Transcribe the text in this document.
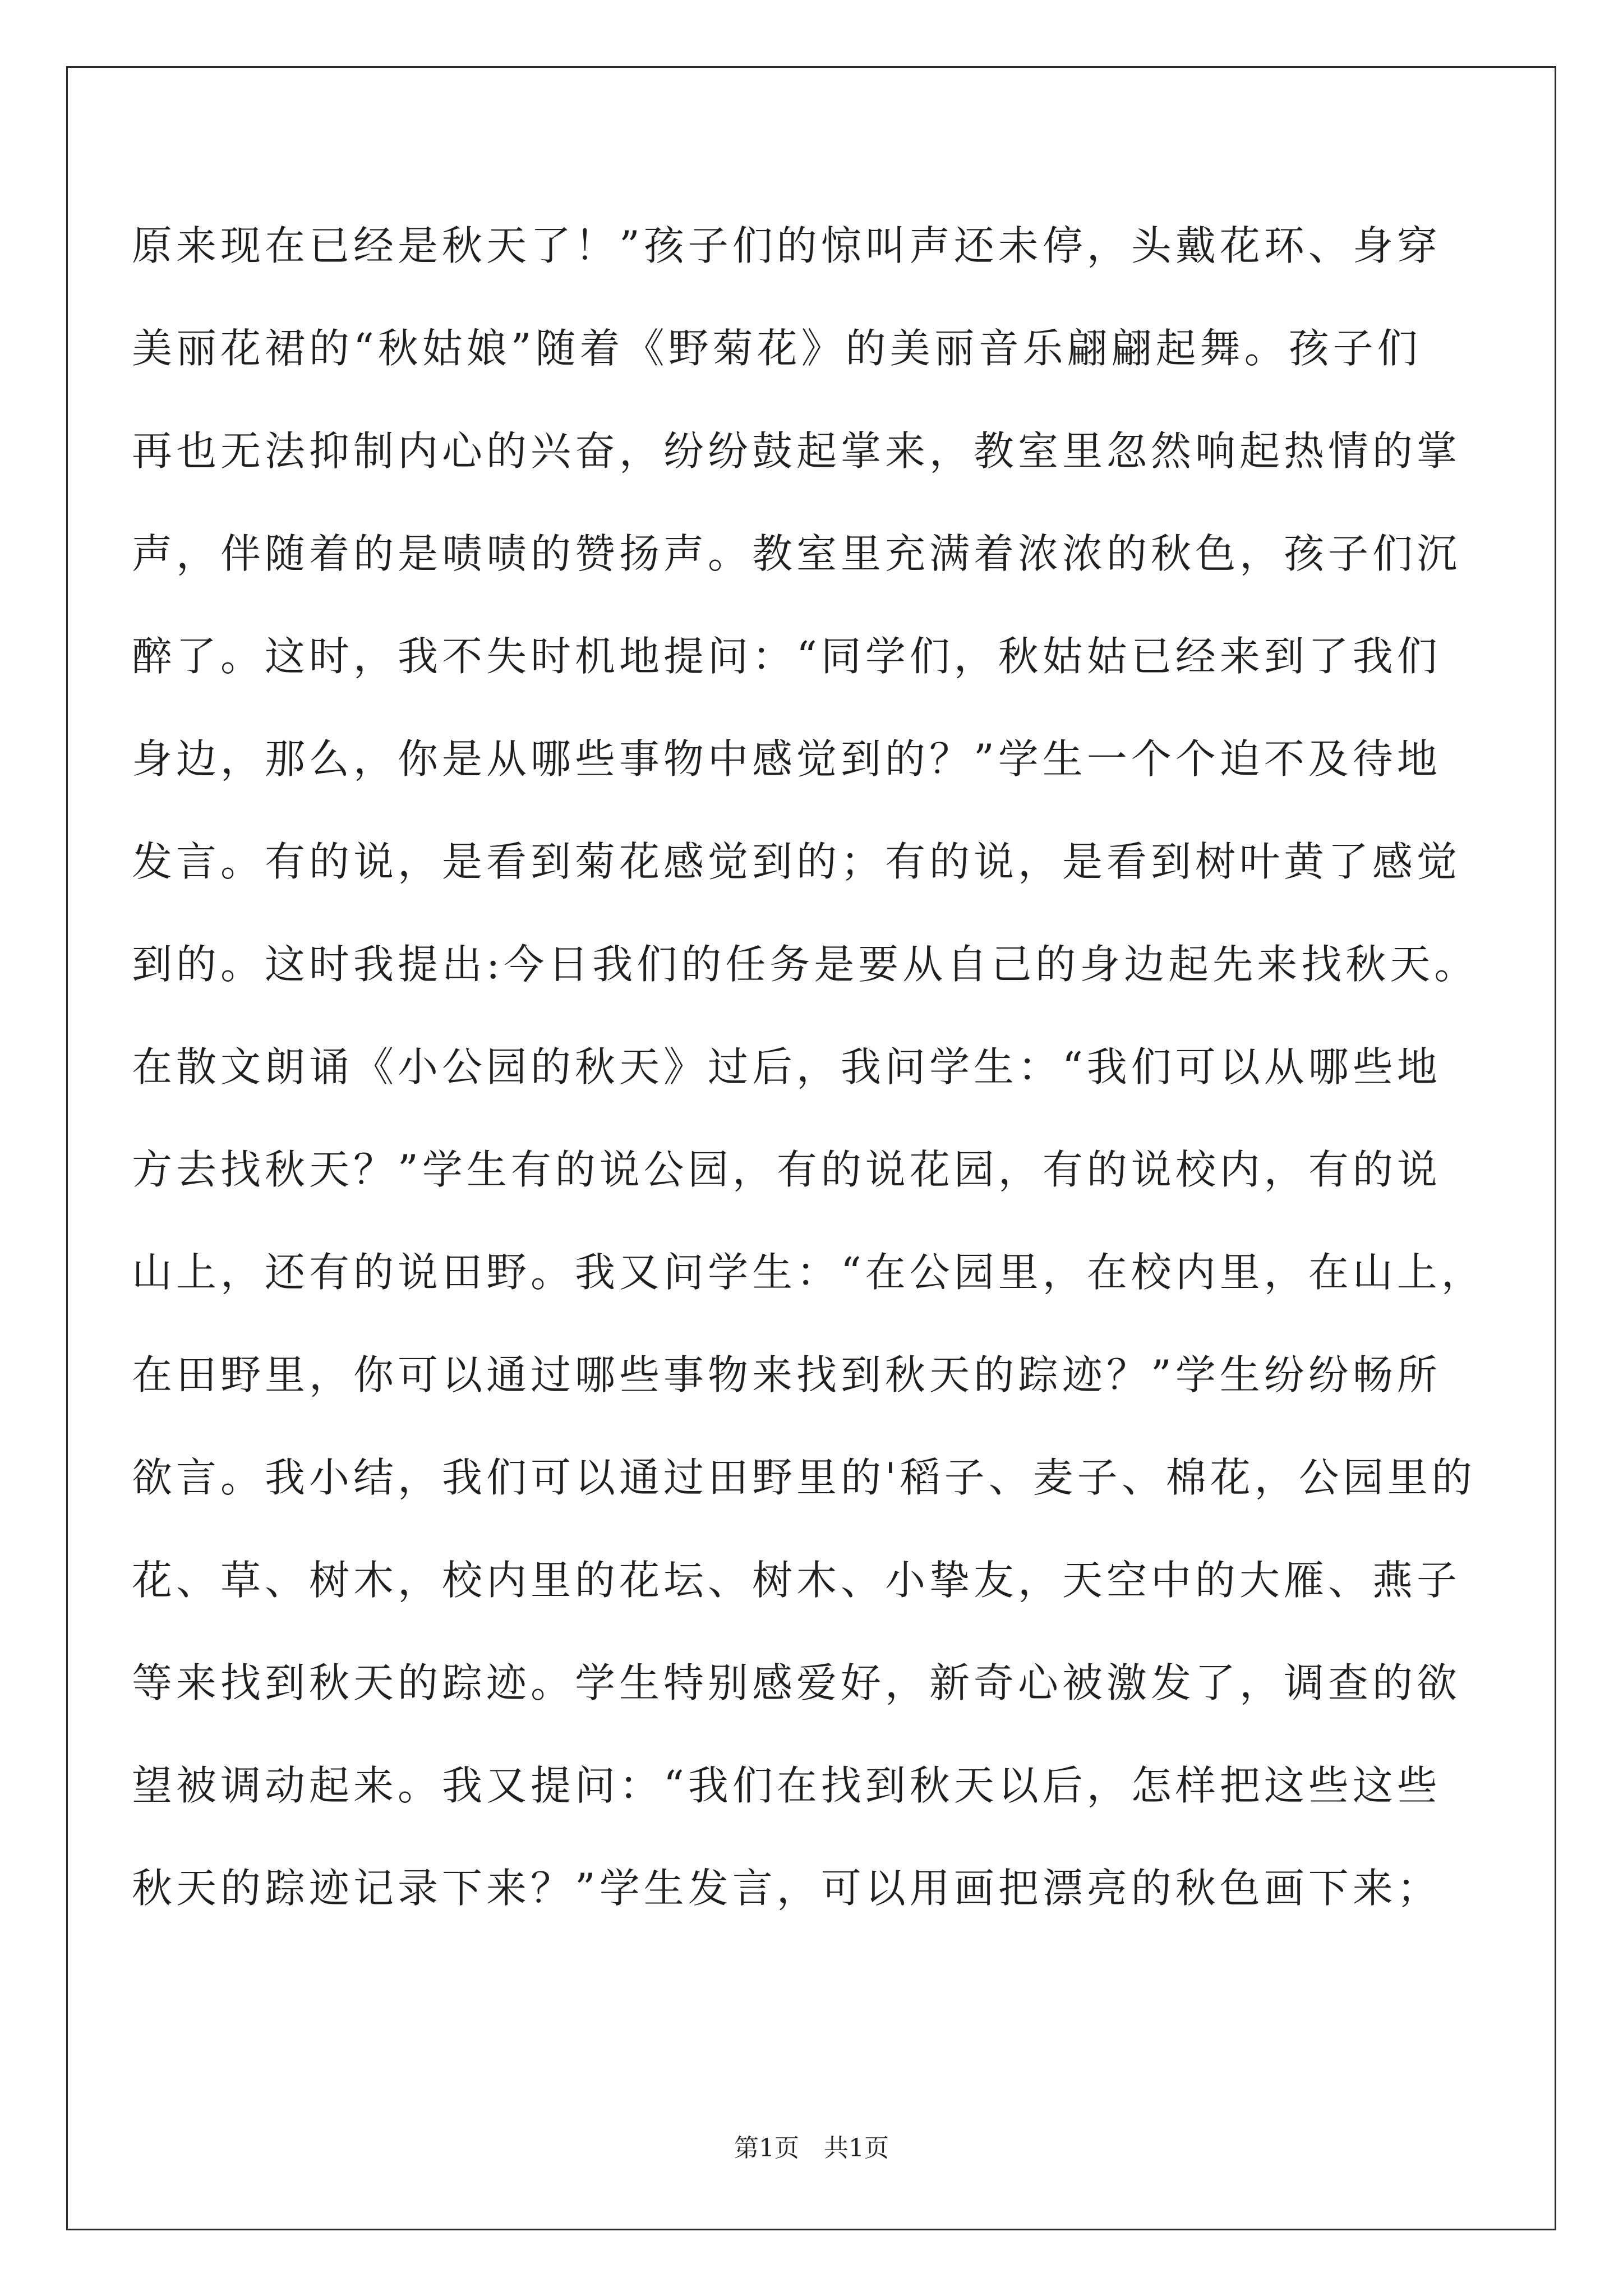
原来现在已经是秋天了！”孩子们的惊叫声还未停，头戴花环、身穿
美丽花裙的“秋姑娘”随着《野菊花》的美丽音乐翩翩起舞。孩子们
再也无法抑制内心的兴奋，纷纷鼓起掌来，教室里忽然响起热情的掌
声，伴随着的是啧啧的赞扬声。教室里充满着浓浓的秋色，孩子们沉
醉了。这时，我不失时机地提问：“同学们，秋姑姑已经来到了我们
身边，那么，你是从哪些事物中感觉到的？”学生一个个迫不及待地
发言。有的说，是看到菊花感觉到的；有的说，是看到树叶黄了感觉
到的。这时我提出:今日我们的任务是要从自己的身边起先来找秋天。
在散文朗诵《小公园的秋天》过后，我问学生：“我们可以从哪些地
方去找秋天？”学生有的说公园，有的说花园，有的说校内，有的说
山上，还有的说田野。我又问学生：“在公园里，在校内里，在山上，
在田野里，你可以通过哪些事物来找到秋天的踪迹？”学生纷纷畅所
欲言。我小结，我们可以通过田野里的'稻子、麦子、棉花，公园里的
花、草、树木，校内里的花坛、树木、小挚友，天空中的大雁、燕子
等来找到秋天的踪迹。学生特别感爱好，新奇心被激发了，调查的欲
望被调动起来。我又提问：“我们在找到秋天以后，怎样把这些这些
秋天的踪迹记录下来？”学生发言，可以用画把漂亮的秋色画下来；
第1页　共1页
